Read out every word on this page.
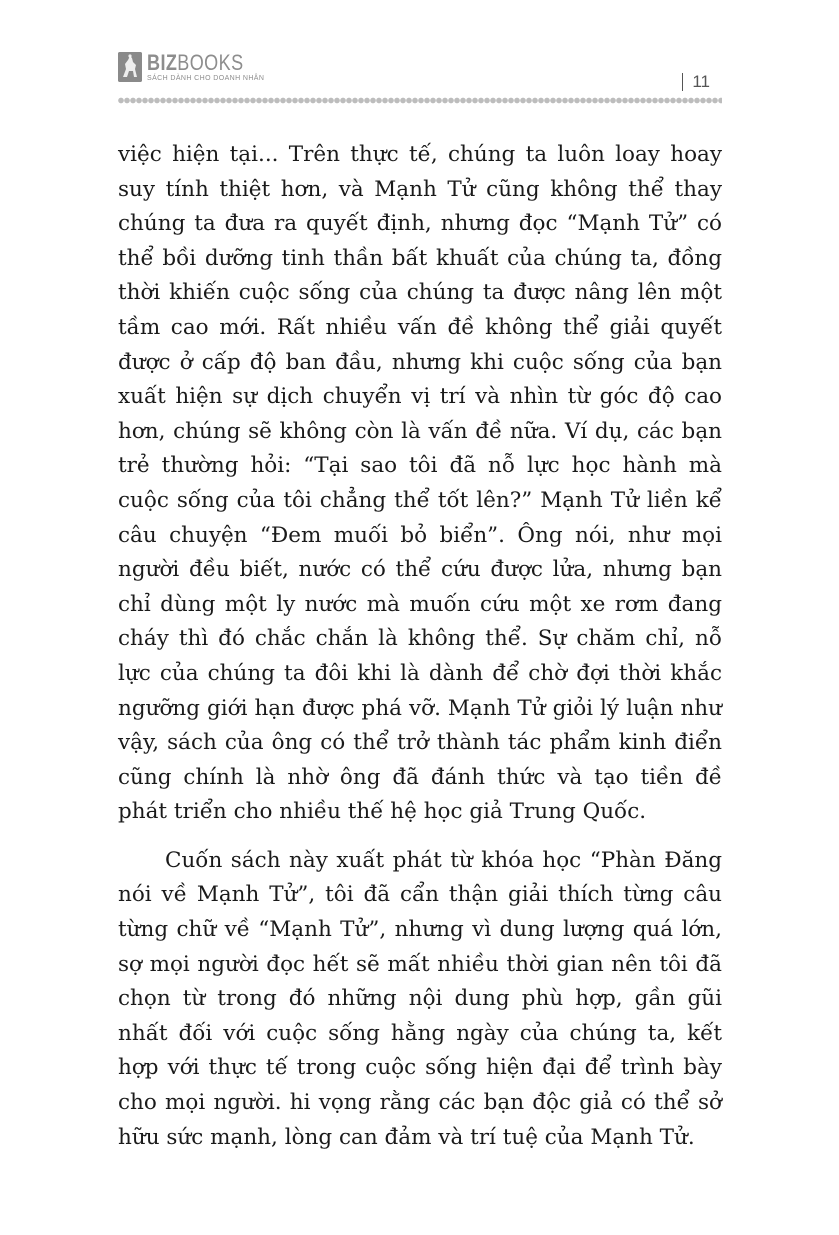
BIZBOOKS
SÁCH DÀNH CHO DOANH NHÂN	11

việc hiện tại... Trên thực tế, chúng ta luôn loay hoay suy tính thiệt hơn, và Mạnh Tử cũng không thể thay chúng ta đưa ra quyết định, nhưng đọc “Mạnh Tử” có thể bồi dưỡng tinh thần bất khuất của chúng ta, đồng thời khiến cuộc sống của chúng ta được nâng lên một tầm cao mới. Rất nhiều vấn đề không thể giải quyết được ở cấp độ ban đầu, nhưng khi cuộc sống của bạn xuất hiện sự dịch chuyển vị trí và nhìn từ góc độ cao hơn, chúng sẽ không còn là vấn đề nữa. Ví dụ, các bạn trẻ thường hỏi: “Tại sao tôi đã nỗ lực học hành mà cuộc sống của tôi chẳng thể tốt lên?” Mạnh Tử liền kể câu chuyện “Đem muối bỏ biển”. Ông nói, như mọi người đều biết, nước có thể cứu được lửa, nhưng bạn chỉ dùng một ly nước mà muốn cứu một xe rơm đang cháy thì đó chắc chắn là không thể. Sự chăm chỉ, nỗ lực của chúng ta đôi khi là dành để chờ đợi thời khắc ngưỡng giới hạn được phá vỡ. Mạnh Tử giỏi lý luận như vậy, sách của ông có thể trở thành tác phẩm kinh điển cũng chính là nhờ ông đã đánh thức và tạo tiền đề phát triển cho nhiều thế hệ học giả Trung Quốc.

Cuốn sách này xuất phát từ khóa học “Phàn Đăng nói về Mạnh Tử”, tôi đã cẩn thận giải thích từng câu từng chữ về “Mạnh Tử”, nhưng vì dung lượng quá lớn, sợ mọi người đọc hết sẽ mất nhiều thời gian nên tôi đã chọn từ trong đó những nội dung phù hợp, gần gũi nhất đối với cuộc sống hằng ngày của chúng ta, kết hợp với thực tế trong cuộc sống hiện đại để trình bày cho mọi người. hi vọng rằng các bạn độc giả có thể sở hữu sức mạnh, lòng can đảm và trí tuệ của Mạnh Tử.
